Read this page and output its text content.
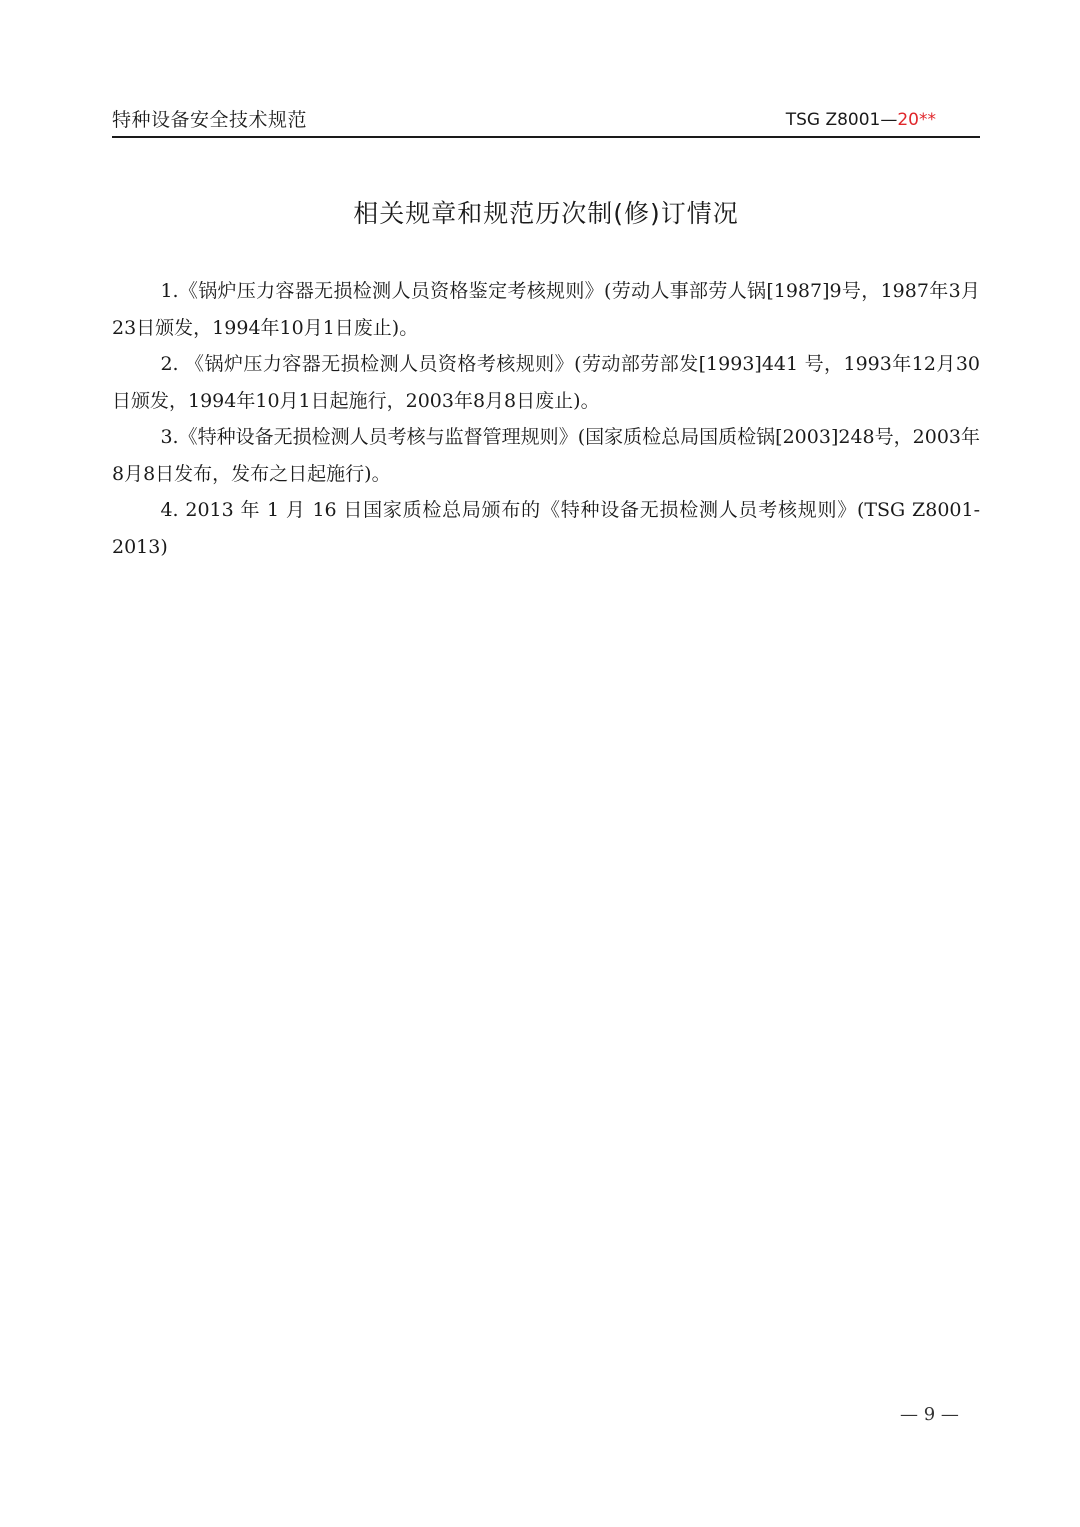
特种设备安全技术规范	TSG Z8001—20**
相关规章和规范历次制(修)订情况

1.《锅炉压力容器无损检测人员资格鉴定考核规则》(劳动人事部劳人锅[1987]9号，1987年3月23日颁发，1994年10月1日废止)。

2. 《锅炉压力容器无损检测人员资格考核规则》(劳动部劳部发[1993]441 号，1993年12月30日颁发，1994年10月1日起施行，2003年8月8日废止)。

3.《特种设备无损检测人员考核与监督管理规则》(国家质检总局国质检锅[2003]248号，2003年8月8日发布，发布之日起施行)。

4. 2013 年 1 月 16 日国家质检总局颁布的《特种设备无损检测人员考核规则》(TSG Z8001-2013)

— 9 —
